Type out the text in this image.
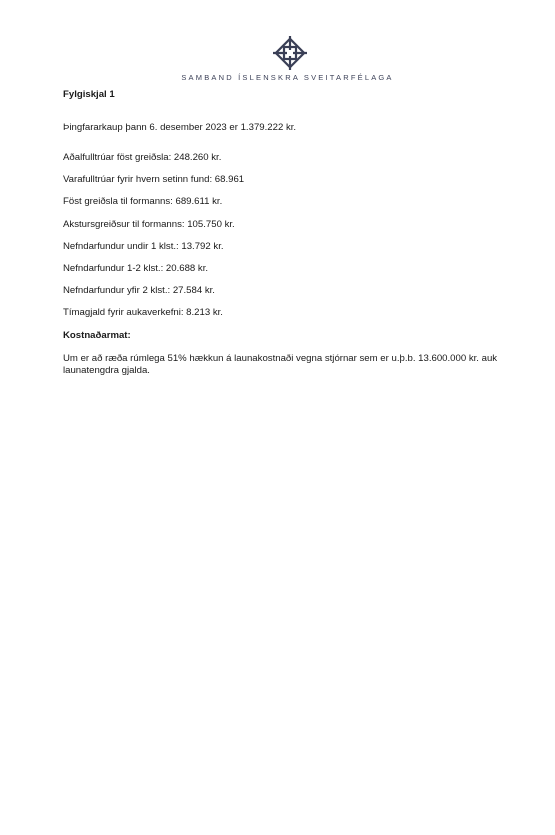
SAMBAND ÍSLENSKRA SVEITARFÉLAGA

Fylgiskjal 1

Þingfararkaup þann 6. desember 2023 er 1.379.222 kr.

Aðalfulltrúar föst greiðsla: 248.260 kr.
Varafulltrúar fyrir hvern setinn fund: 68.961
Föst greiðsla til formanns: 689.611 kr.
Akstursgreiðsur til formanns: 105.750 kr.
Nefndarfundur undir 1 klst.: 13.792 kr.
Nefndarfundur 1-2 klst.: 20.688 kr.
Nefndarfundur yfir 2 klst.: 27.584 kr.
Tímagjald fyrir aukaverkefni: 8.213 kr.

Kostnaðarmat:

Um er að ræða rúmlega 51% hækkun á launakostnaði vegna stjórnar sem er u.þ.b. 13.600.000 kr. auk launatengdra gjalda.
